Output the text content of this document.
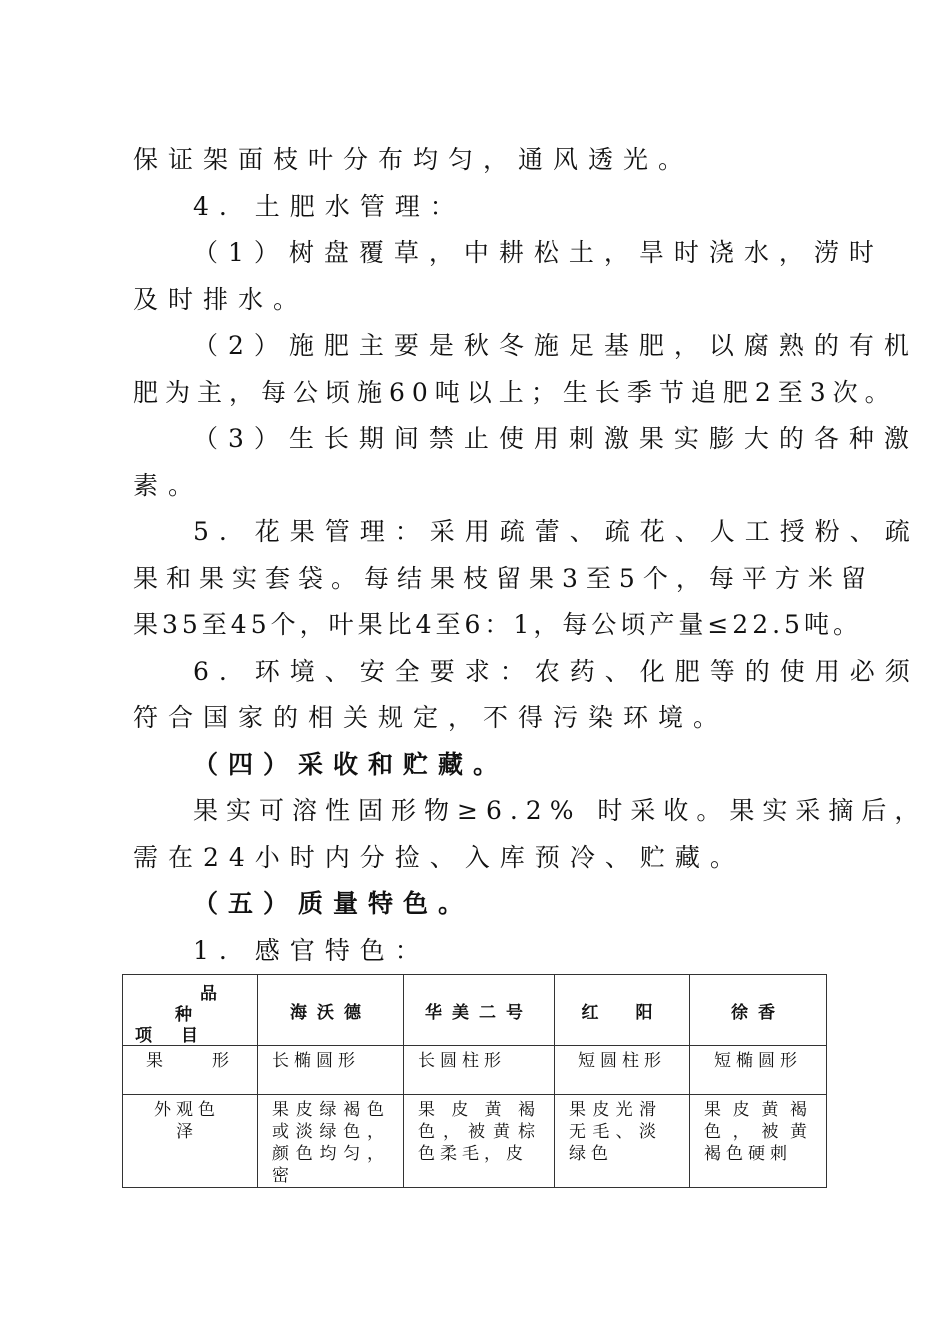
保证架面枝叶分布均匀，通风透光。
4. 土肥水管理：
（1）树盘覆草，中耕松土，旱时浇水，涝时
及时排水。
（2）施肥主要是秋冬施足基肥，以腐熟的有机
肥为主，每公顷施60吨以上；生长季节追肥2至3次。
（3）生长期间禁止使用刺激果实膨大的各种激
素。
5. 花果管理：采用疏蕾、疏花、人工授粉、疏
果和果实套袋。每结果枝留果3至5个，每平方米留
果35至45个，叶果比4至6：1，每公顷产量≤22.5吨。
6. 环境、安全要求：农药、化肥等的使用必须
符合国家的相关规定，不得污染环境。
（四）采收和贮藏。
果实可溶性固形物≥6.2% 时采收。果实采摘后，
需在24小时内分捡、入库预冷、贮藏。
（五）质量特色。
1. 感官特色：
品
种
项 目	海沃德	华美二号	红　阳	徐香

果　　形	长椭圆形	长圆柱形	短圆柱形	短椭圆形

外观色泽	果皮绿褐色或淡绿色，颜色均匀，密	果皮黄褐色，被黄棕色柔毛，皮	果皮光滑无毛、淡绿色	果皮黄褐色，被黄褐色硬刺
